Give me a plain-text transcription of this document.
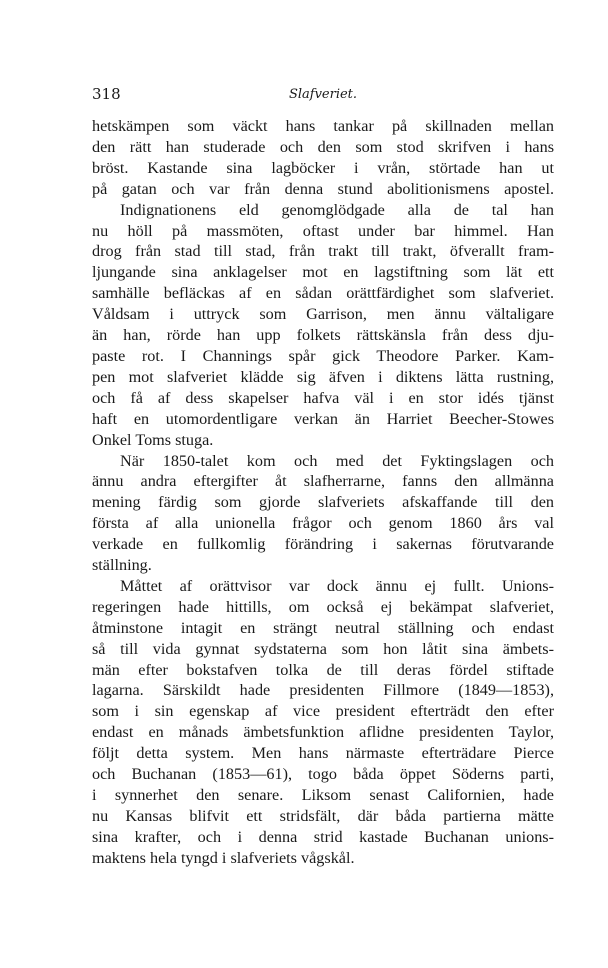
318	Slafveriet.
hetskämpen som väckt hans tankar på skillnaden mellan
den rätt han studerade och den som stod skrifven i hans
bröst. Kastande sina lagböcker i vrån, störtade han ut
på gatan och var från denna stund abolitionismens apostel.
Indignationens eld genomglödgade alla de tal han
nu höll på massmöten, oftast under bar himmel. Han
drog från stad till stad, från trakt till trakt, öfverallt fram-
ljungande sina anklagelser mot en lagstiftning som lät ett
samhälle befläckas af en sådan orättfärdighet som slafveriet.
Våldsam i uttryck som Garrison, men ännu vältaligare
än han, rörde han upp folkets rättskänsla från dess dju-
paste rot. I Channings spår gick Theodore Parker. Kam-
pen mot slafveriet klädde sig äfven i diktens lätta rustning,
och få af dess skapelser hafva väl i en stor idés tjänst
haft en utomordentligare verkan än Harriet Beecher-Stowes
Onkel Toms stuga.
När 1850-talet kom och med det Fyktingslagen och
ännu andra eftergifter åt slafherrarne, fanns den allmänna
mening färdig som gjorde slafveriets afskaffande till den
första af alla unionella frågor och genom 1860 års val
verkade en fullkomlig förändring i sakernas förutvarande
ställning.
Måttet af orättvisor var dock ännu ej fullt. Unions-
regeringen hade hittills, om också ej bekämpat slafveriet,
åtminstone intagit en strängt neutral ställning och endast
så till vida gynnat sydstaterna som hon låtit sina ämbets-
män efter bokstafven tolka de till deras fördel stiftade
lagarna. Särskildt hade presidenten Fillmore (1849—1853),
som i sin egenskap af vice president efterträdt den efter
endast en månads ämbetsfunktion aflidne presidenten Taylor,
följt detta system. Men hans närmaste efterträdare Pierce
och Buchanan (1853—61), togo båda öppet Söderns parti,
i synnerhet den senare. Liksom senast Californien, hade
nu Kansas blifvit ett stridsfält, där båda partierna mätte
sina krafter, och i denna strid kastade Buchanan unions-
maktens hela tyngd i slafveriets vågskål.
